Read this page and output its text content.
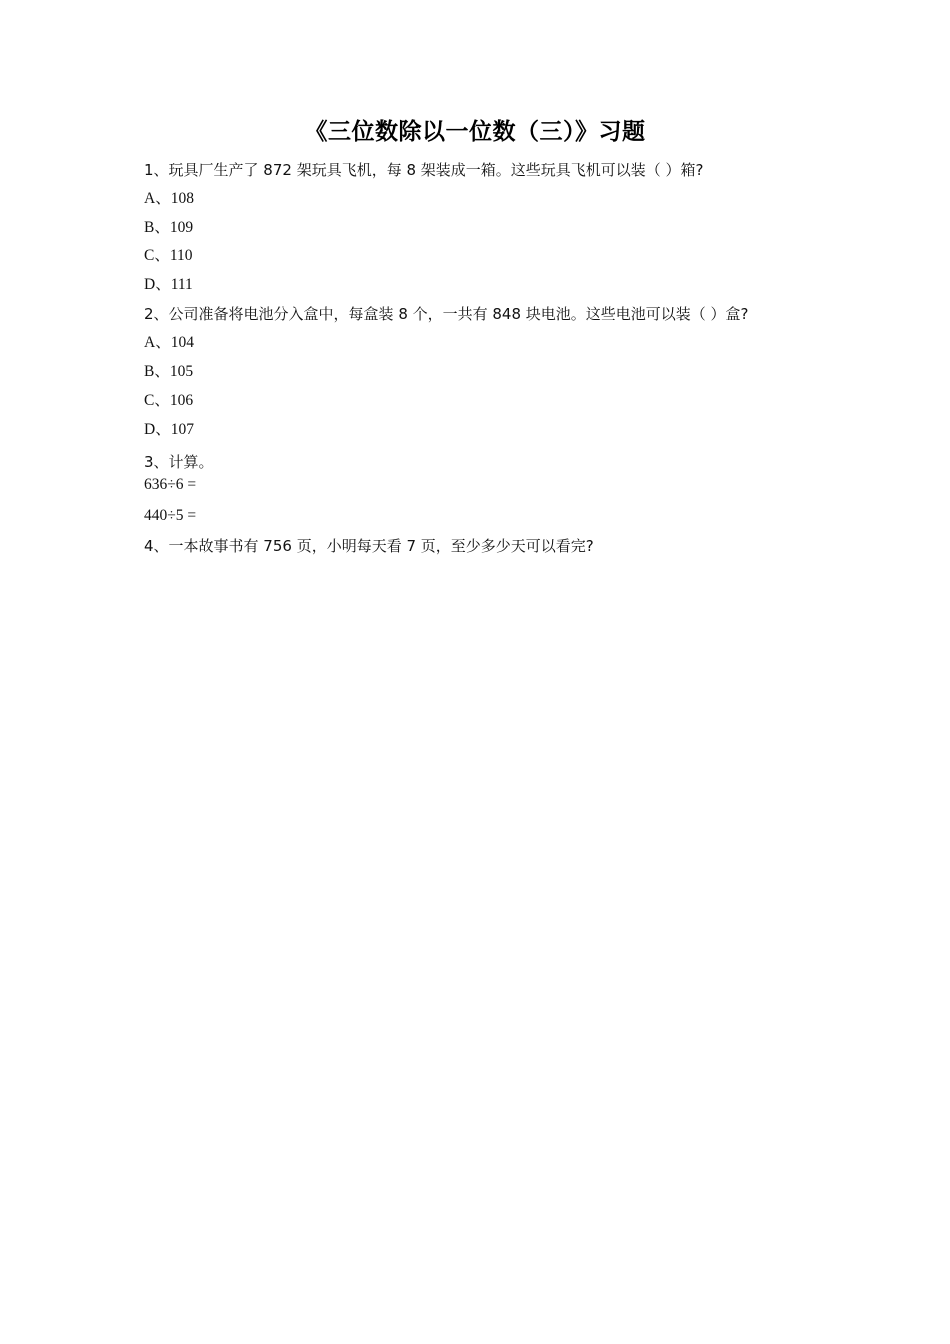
《三位数除以一位数（三）》习题
1、玩具厂生产了 872 架玩具飞机，每 8 架装成一箱。这些玩具飞机可以装（ ）箱?
A、108
B、109
C、110
D、111
2、公司准备将电池分入盒中，每盒装 8 个，一共有 848 块电池。这些电池可以装（ ）盒?
A、104
B、105
C、106
D、107
3、计算。
636÷6 =
440÷5 =
4、一本故事书有 756 页，小明每天看 7 页，至少多少天可以看完?
